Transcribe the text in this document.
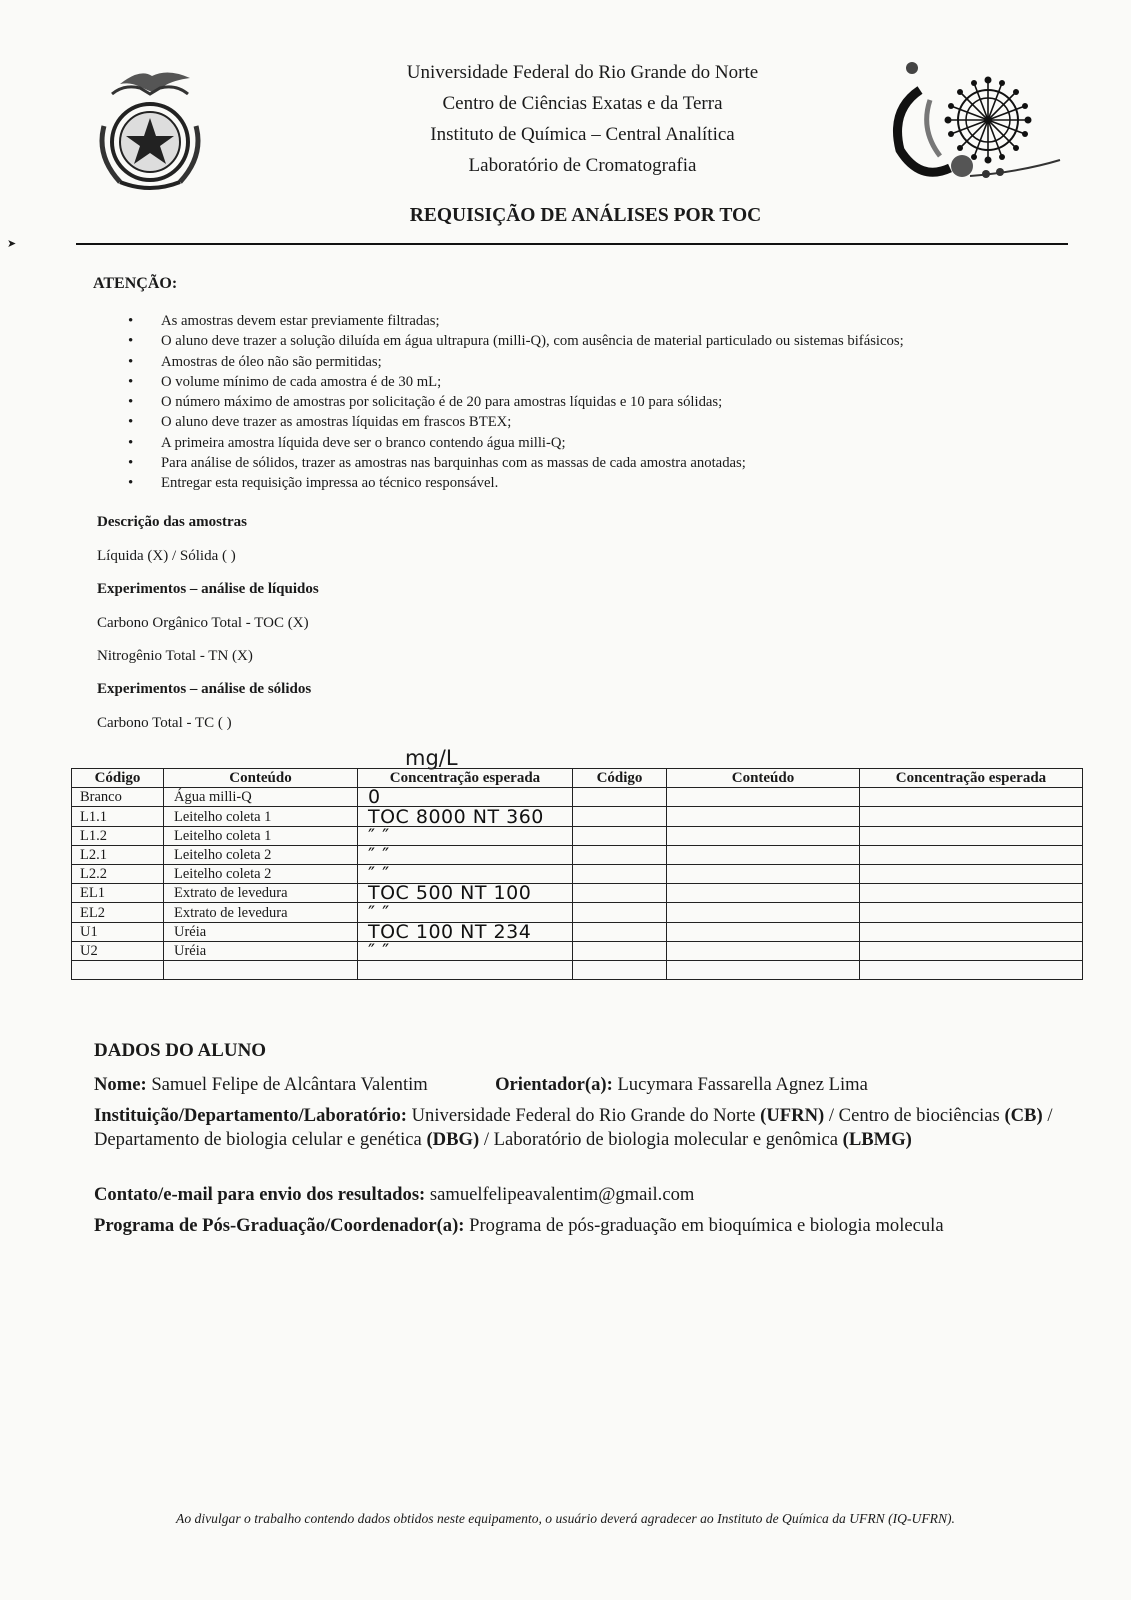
Universidade Federal do Rio Grande do Norte
Centro de Ciências Exatas e da Terra
Instituto de Química – Central Analítica
Laboratório de Cromatografia
REQUISIÇÃO DE ANÁLISES POR TOC
➤
ATENÇÃO:
• As amostras devem estar previamente filtradas;
• O aluno deve trazer a solução diluída em água ultrapura (milli-Q), com ausência de material particulado ou sistemas bifásicos;
• Amostras de óleo não são permitidas;
• O volume mínimo de cada amostra é de 30 mL;
• O número máximo de amostras por solicitação é de 20 para amostras líquidas e 10 para sólidas;
• O aluno deve trazer as amostras líquidas em frascos BTEX;
• A primeira amostra líquida deve ser o branco contendo água milli-Q;
• Para análise de sólidos, trazer as amostras nas barquinhas com as massas de cada amostra anotadas;
• Entregar esta requisição impressa ao técnico responsável.
Descrição das amostras
Líquida (X) / Sólida ( )
Experimentos – análise de líquidos
Carbono Orgânico Total - TOC (X)
Nitrogênio Total - TN (X)
Experimentos – análise de sólidos
Carbono Total - TC ( )
mg/L
Código	Conteúdo	Concentração esperada	Código	Conteúdo	Concentração esperada
Branco	Água milli-Q	0			
L1.1	Leitelho coleta 1	TOC 8000 NT 360			
L1.2	Leitelho coleta 1	″ ″			
L2.1	Leitelho coleta 2	″ ″			
L2.2	Leitelho coleta 2	″ ″			
EL1	Extrato de levedura	TOC 500 NT 100			
EL2	Extrato de levedura	″ ″			
U1	Uréia	TOC 100 NT 234			
U2	Uréia	″ ″			

DADOS DO ALUNO
Nome: Samuel Felipe de Alcântara Valentim	Orientador(a): Lucymara Fassarella Agnez Lima
Instituição/Departamento/Laboratório: Universidade Federal do Rio Grande do Norte (UFRN) / Centro de biociências (CB) / Departamento de biologia celular e genética (DBG) / Laboratório de biologia molecular e genômica (LBMG)
Contato/e-mail para envio dos resultados: samuelfelipeavalentim@gmail.com
Programa de Pós-Graduação/Coordenador(a): Programa de pós-graduação em bioquímica e biologia molecula
Ao divulgar o trabalho contendo dados obtidos neste equipamento, o usuário deverá agradecer ao Instituto de Química da UFRN (IQ-UFRN).
